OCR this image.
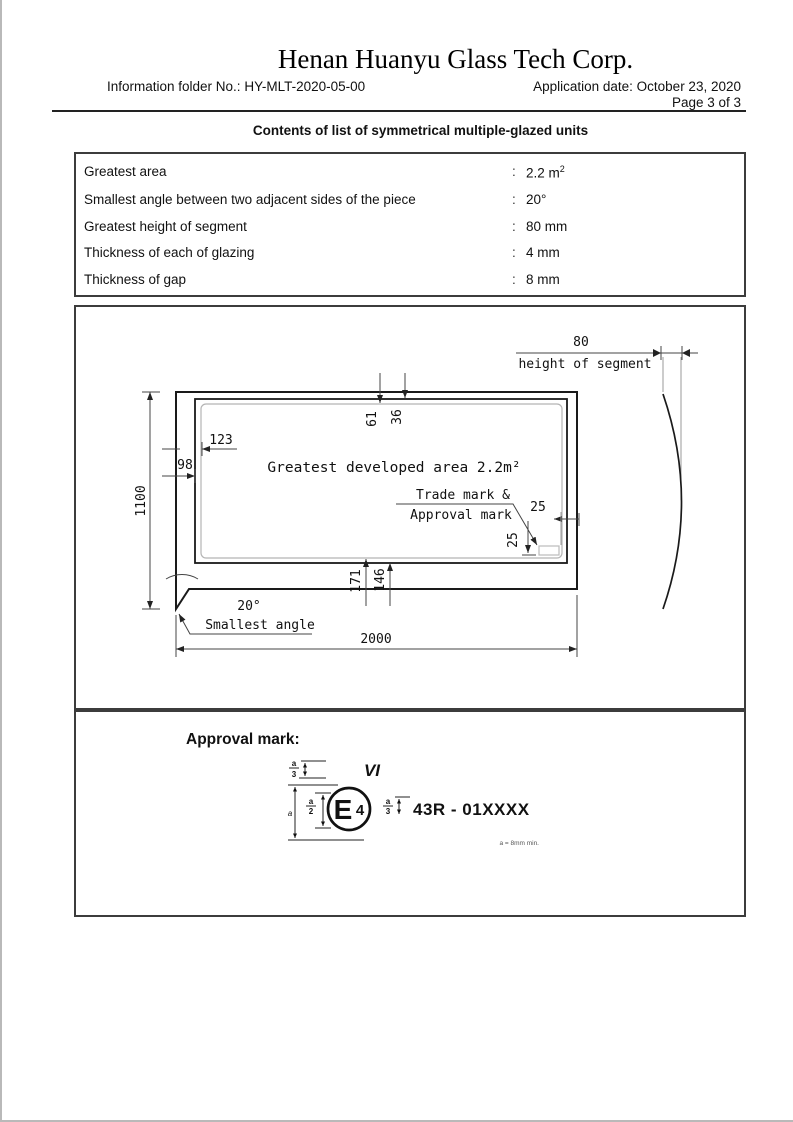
Henan Huanyu Glass Tech Corp.
Information folder No.: HY-MLT-2020-05-00	Application date: October 23, 2020
Page 3 of 3
Contents of list of symmetrical multiple-glazed units
Greatest area	: 2.2 $m^2$
Smallest angle between two adjacent sides of the piece	: 20°
Greatest height of segment	: 80 mm
Thickness of each of glazing	: 4 mm
Thickness of gap	: 8 mm
1100
2000
123
98
61 36
171 146
Greatest developed area 2.2m²
Trade mark &
Approval mark
25
25
20°
Smallest angle
80
height of segment
Approval mark:
a
3	VI
a
a
2 E 4
a
3 43R - 01XXXX
a = 8mm min.
